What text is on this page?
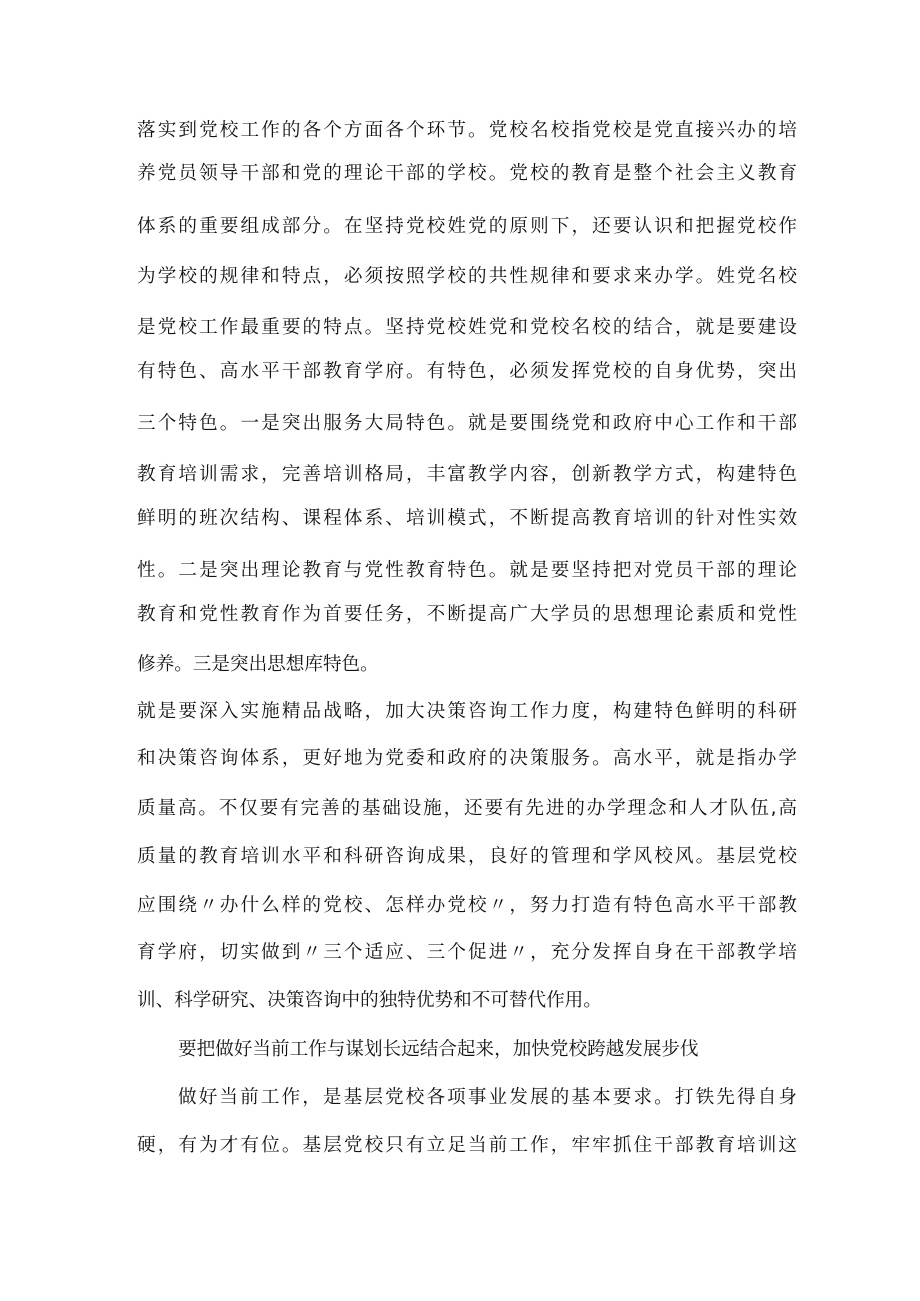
落实到党校工作的各个方面各个环节。党校名校指党校是党直接兴办的培
养党员领导干部和党的理论干部的学校。党校的教育是整个社会主义教育
体系的重要组成部分。在坚持党校姓党的原则下，还要认识和把握党校作
为学校的规律和特点，必须按照学校的共性规律和要求来办学。姓党名校
是党校工作最重要的特点。坚持党校姓党和党校名校的结合，就是要建设
有特色、高水平干部教育学府。有特色，必须发挥党校的自身优势，突出
三个特色。一是突出服务大局特色。就是要围绕党和政府中心工作和干部
教育培训需求，完善培训格局，丰富教学内容，创新教学方式，构建特色
鲜明的班次结构、课程体系、培训模式，不断提高教育培训的针对性实效
性。二是突出理论教育与党性教育特色。就是要坚持把对党员干部的理论
教育和党性教育作为首要任务，不断提高广大学员的思想理论素质和党性
修养。三是突出思想库特色。
就是要深入实施精品战略，加大决策咨询工作力度，构建特色鲜明的科研
和决策咨询体系，更好地为党委和政府的决策服务。高水平，就是指办学
质量高。不仅要有完善的基础设施，还要有先进的办学理念和人才队伍,高
质量的教育培训水平和科研咨询成果，良好的管理和学风校风。基层党校
应围绕〃办什么样的党校、怎样办党校〃，努力打造有特色高水平干部教
育学府，切实做到〃三个适应、三个促进〃，充分发挥自身在干部教学培
训、科学研究、决策咨询中的独特优势和不可替代作用。
要把做好当前工作与谋划长远结合起来，加快党校跨越发展步伐
做好当前工作，是基层党校各项事业发展的基本要求。打铁先得自身
硬，有为才有位。基层党校只有立足当前工作，牢牢抓住干部教育培训这
